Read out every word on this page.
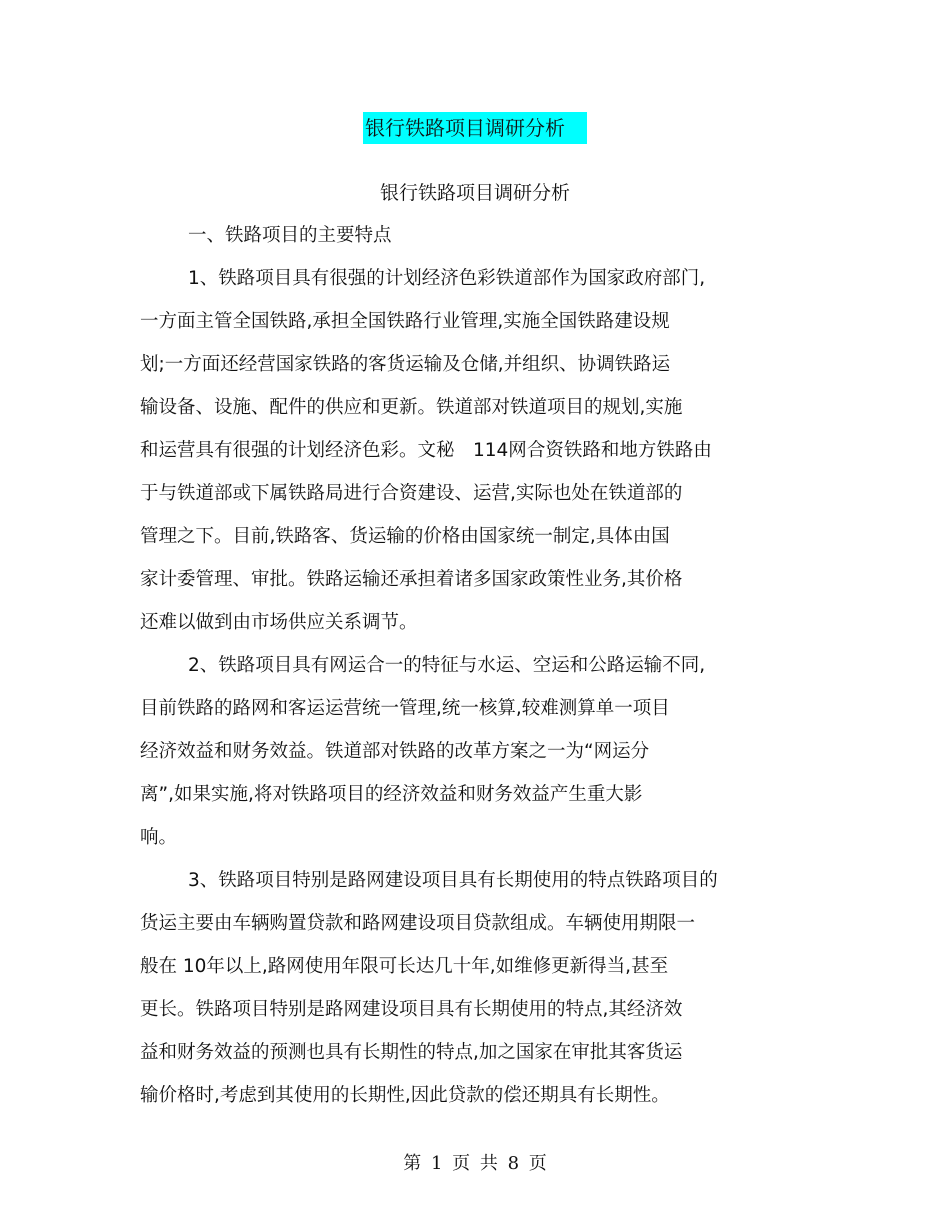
银行铁路项目调研分析
银行铁路项目调研分析
一、铁路项目的主要特点
1、铁路项目具有很强的计划经济色彩铁道部作为国家政府部门,
一方面主管全国铁路,承担全国铁路行业管理,实施全国铁路建设规
划;一方面还经营国家铁路的客货运输及仓储,并组织、协调铁路运
输设备、设施、配件的供应和更新。铁道部对铁道项目的规划,实施
和运营具有很强的计划经济色彩。文秘　114网合资铁路和地方铁路由
于与铁道部或下属铁路局进行合资建设、运营,实际也处在铁道部的
管理之下。目前,铁路客、货运输的价格由国家统一制定,具体由国
家计委管理、审批。铁路运输还承担着诸多国家政策性业务,其价格
还难以做到由市场供应关系调节。
2、铁路项目具有网运合一的特征与水运、空运和公路运输不同,
目前铁路的路网和客运运营统一管理,统一核算,较难测算单一项目
经济效益和财务效益。铁道部对铁路的改革方案之一为“网运分
离”,如果实施,将对铁路项目的经济效益和财务效益产生重大影
响。
3、铁路项目特别是路网建设项目具有长期使用的特点铁路项目的
货运主要由车辆购置贷款和路网建设项目贷款组成。车辆使用期限一
般在 10年以上,路网使用年限可长达几十年,如维修更新得当,甚至
更长。铁路项目特别是路网建设项目具有长期使用的特点,其经济效
益和财务效益的预测也具有长期性的特点,加之国家在审批其客货运
输价格时,考虑到其使用的长期性,因此贷款的偿还期具有长期性。
第 1 页 共 8 页
